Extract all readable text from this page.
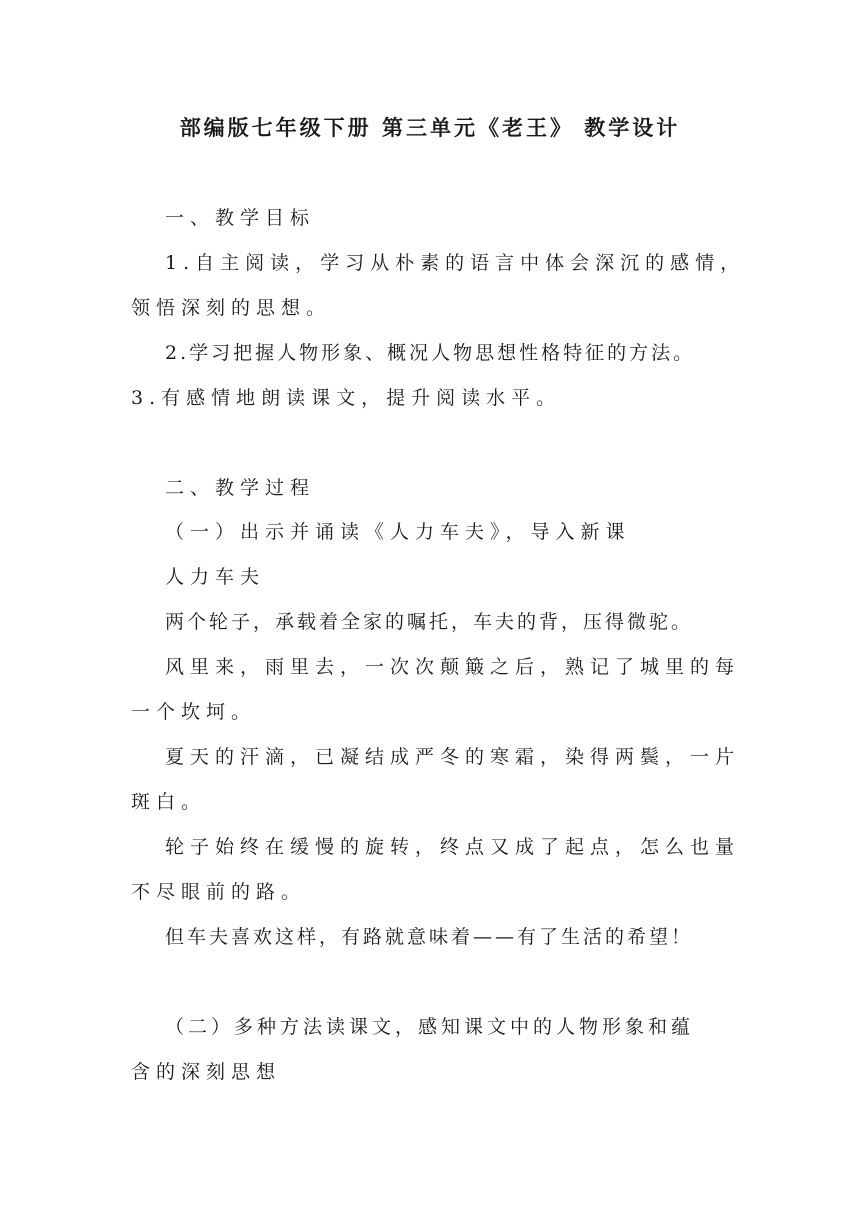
部编版七年级下册 第三单元《老王》 教学设计
一、教学目标
1.自主阅读，学习从朴素的语言中体会深沉的感情，
领悟深刻的思想。
2.学习把握人物形象、概况人物思想性格特征的方法。
3.有感情地朗读课文，提升阅读水平。
二、教学过程
（一）出示并诵读《人力车夫》，导入新课
人力车夫
两个轮子，承载着全家的嘱托，车夫的背，压得微驼。
风里来，雨里去，一次次颠簸之后，熟记了城里的每
一个坎坷。
夏天的汗滴，已凝结成严冬的寒霜，染得两鬓，一片
斑白。
轮子始终在缓慢的旋转，终点又成了起点，怎么也量
不尽眼前的路。
但车夫喜欢这样，有路就意味着——有了生活的希望！
（二）多种方法读课文，感知课文中的人物形象和蕴
含的深刻思想
